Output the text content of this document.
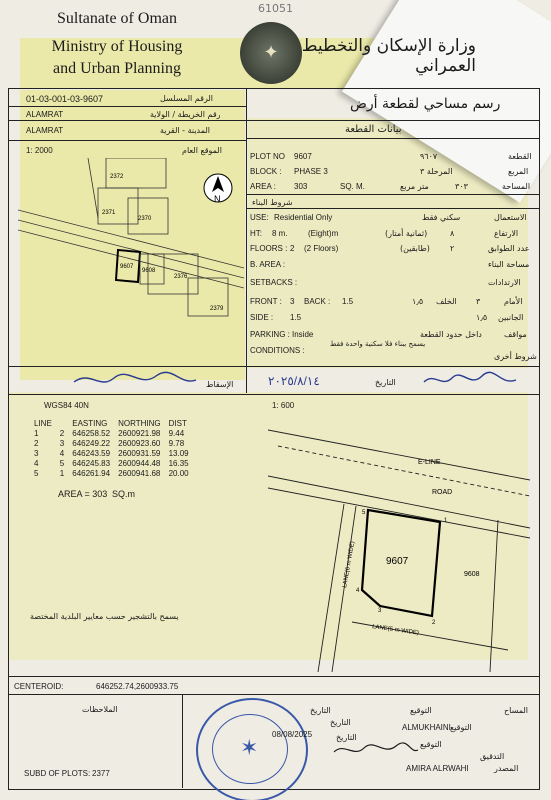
61051
Sultanate of Oman
Ministry of Housing
and Urban Planning
✦	وزارة الإسكان والتخطيط العمراني
01-03-001-03-9607	الرقم المسلسل
ALAMRAT	رقم الخريطة / الولاية
ALAMRAT	المدينة - القرية
1: 2000	الموقع العام
N
2372
2371
2370
9607
9608
2376
2379
رسم مساحي لقطعة أرض
بيانات القطعة
PLOT NO 9607	٩٦٠٧	القطعة
BLOCK : PHASE 3	المرحلة ٣	المربع
AREA : 303	SQ. M.	متر مربع	٣٠٣	المساحة
شروط البناء
USE: Residential Only	سكني فقط	الاستعمال
HT: 8 m.	(Eight)m	(ثمانية أمتار)	٨	الارتفاع
FLOORS : 2 (2 Floors)	(طابقين)	٢	عدد الطوابق
B. AREA :	مساحة البناء
SETBACKS :	الارتدادات
FRONT : 3 BACK : 1.5	١٫٥ الخلف ٣	الأمام
SIDE : 1.5	١٫٥ الجانبين
PARKING : Inside	داخل حدود القطعة	مواقف
CONDITIONS :
يسمح ببناء فلا سكنية واحدة فقط
شروط أخرى
الإسقاط	٢٠٢٥/٨/١٤	التاريخ
WGS84 40N	1: 600
LINE		EASTING	NORTHING	DIST
1	2	646258.52	2600921.98	9.44
2	3	646249.22	2600923.60	9.78
3	4	646243.59	2600931.59	13.09
4	5	646245.83	2600944.48	16.35
5	1	646261.94	2600941.68	20.00
AREA = 303 SQ.m
يسمح بالتشجير حسب معايير البلدية المختصة
E-LINE
ROAD
LANE(6 m WIDE)
LANE(5 m WIDE)
9607
9608
1
2
3
4
5
CENTEROID:	646252.74,2600933.75
الملاحظات
SUBD OF PLOTS: 2377
✶
التاريخ	التوقيع	المساح
التاريخ
ALMUKHAINI التوقيع
التاريخ
08/08/2025
التوقيع
التدقيق
AMIRA ALRWAHI	المصدر
